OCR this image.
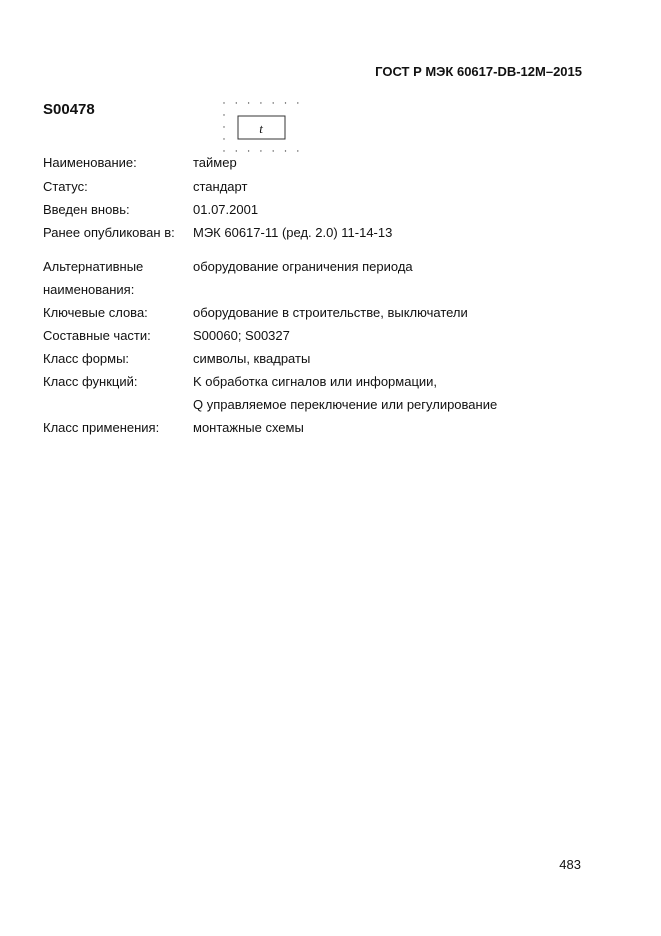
ГОСТ Р МЭК 60617-DB-12M–2015
S00478
t
Наименование:	таймер
Статус:	стандарт
Введен вновь:	01.07.2001
Ранее опубликован в: МЭК 60617-11 (ред. 2.0) 11-14-13
Альтернативные	оборудование ограничения периода
наименования:
Ключевые слова:	оборудование в строительстве, выключатели
Составные части:	S00060; S00327
Класс формы:	символы, квадраты
Класс функций:	K обработка сигналов или информации,
Q управляемое переключение или регулирование
Класс применения:	монтажные схемы
483
